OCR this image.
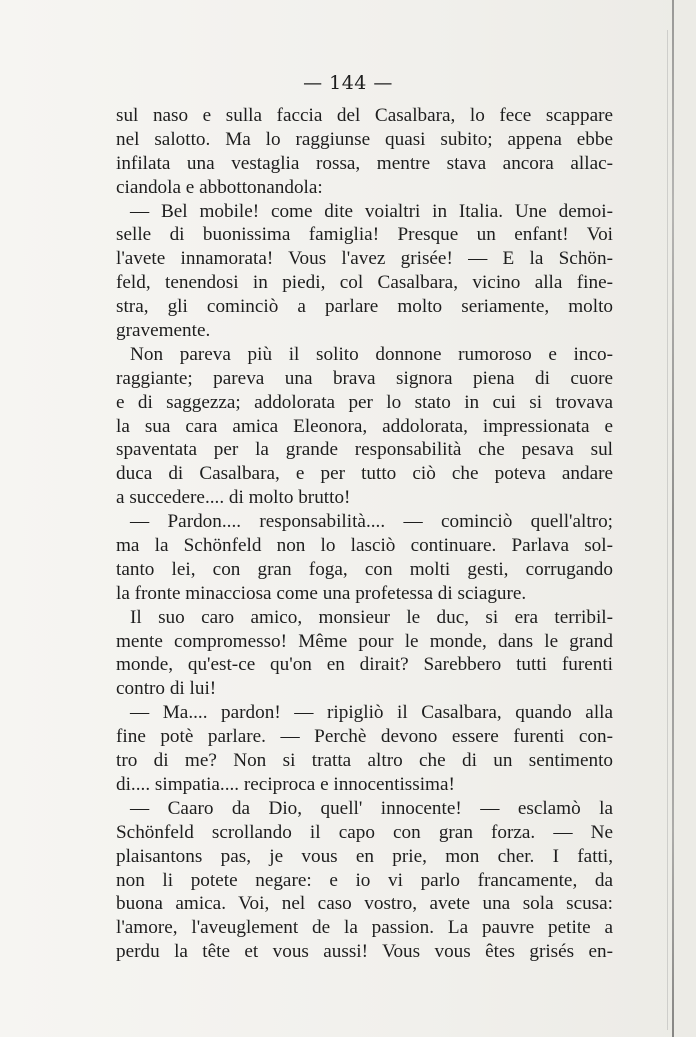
— 144 —
sul naso e sulla faccia del Casalbara, lo fece scappare
nel salotto. Ma lo raggiunse quasi subito; appena ebbe
infilata una vestaglia rossa, mentre stava ancora allac-
ciandola e abbottonandola:
— Bel mobile! come dite voialtri in Italia. Une demoi-
selle di buonissima famiglia! Presque un enfant! Voi
l'avete innamorata! Vous l'avez grisée! — E la Schön-
feld, tenendosi in piedi, col Casalbara, vicino alla fine-
stra, gli cominciò a parlare molto seriamente, molto
gravemente.
Non pareva più il solito donnone rumoroso e inco-
raggiante; pareva una brava signora piena di cuore
e di saggezza; addolorata per lo stato in cui si trovava
la sua cara amica Eleonora, addolorata, impressionata e
spaventata per la grande responsabilità che pesava sul
duca di Casalbara, e per tutto ciò che poteva andare
a succedere.... di molto brutto!
— Pardon.... responsabilità.... — cominciò quell'altro;
ma la Schönfeld non lo lasciò continuare. Parlava sol-
tanto lei, con gran foga, con molti gesti, corrugando
la fronte minacciosa come una profetessa di sciagure.
Il suo caro amico, monsieur le duc, si era terribil-
mente compromesso! Même pour le monde, dans le grand
monde, qu'est-ce qu'on en dirait? Sarebbero tutti furenti
contro di lui!
— Ma.... pardon! — ripigliò il Casalbara, quando alla
fine potè parlare. — Perchè devono essere furenti con-
tro di me? Non si tratta altro che di un sentimento
di.... simpatia.... reciproca e innocentissima!
— Caaro da Dio, quell' innocente! — esclamò la
Schönfeld scrollando il capo con gran forza. — Ne
plaisantons pas, je vous en prie, mon cher. I fatti,
non li potete negare: e io vi parlo francamente, da
buona amica. Voi, nel caso vostro, avete una sola scusa:
l'amore, l'aveuglement de la passion. La pauvre petite a
perdu la tête et vous aussi! Vous vous êtes grisés en-
